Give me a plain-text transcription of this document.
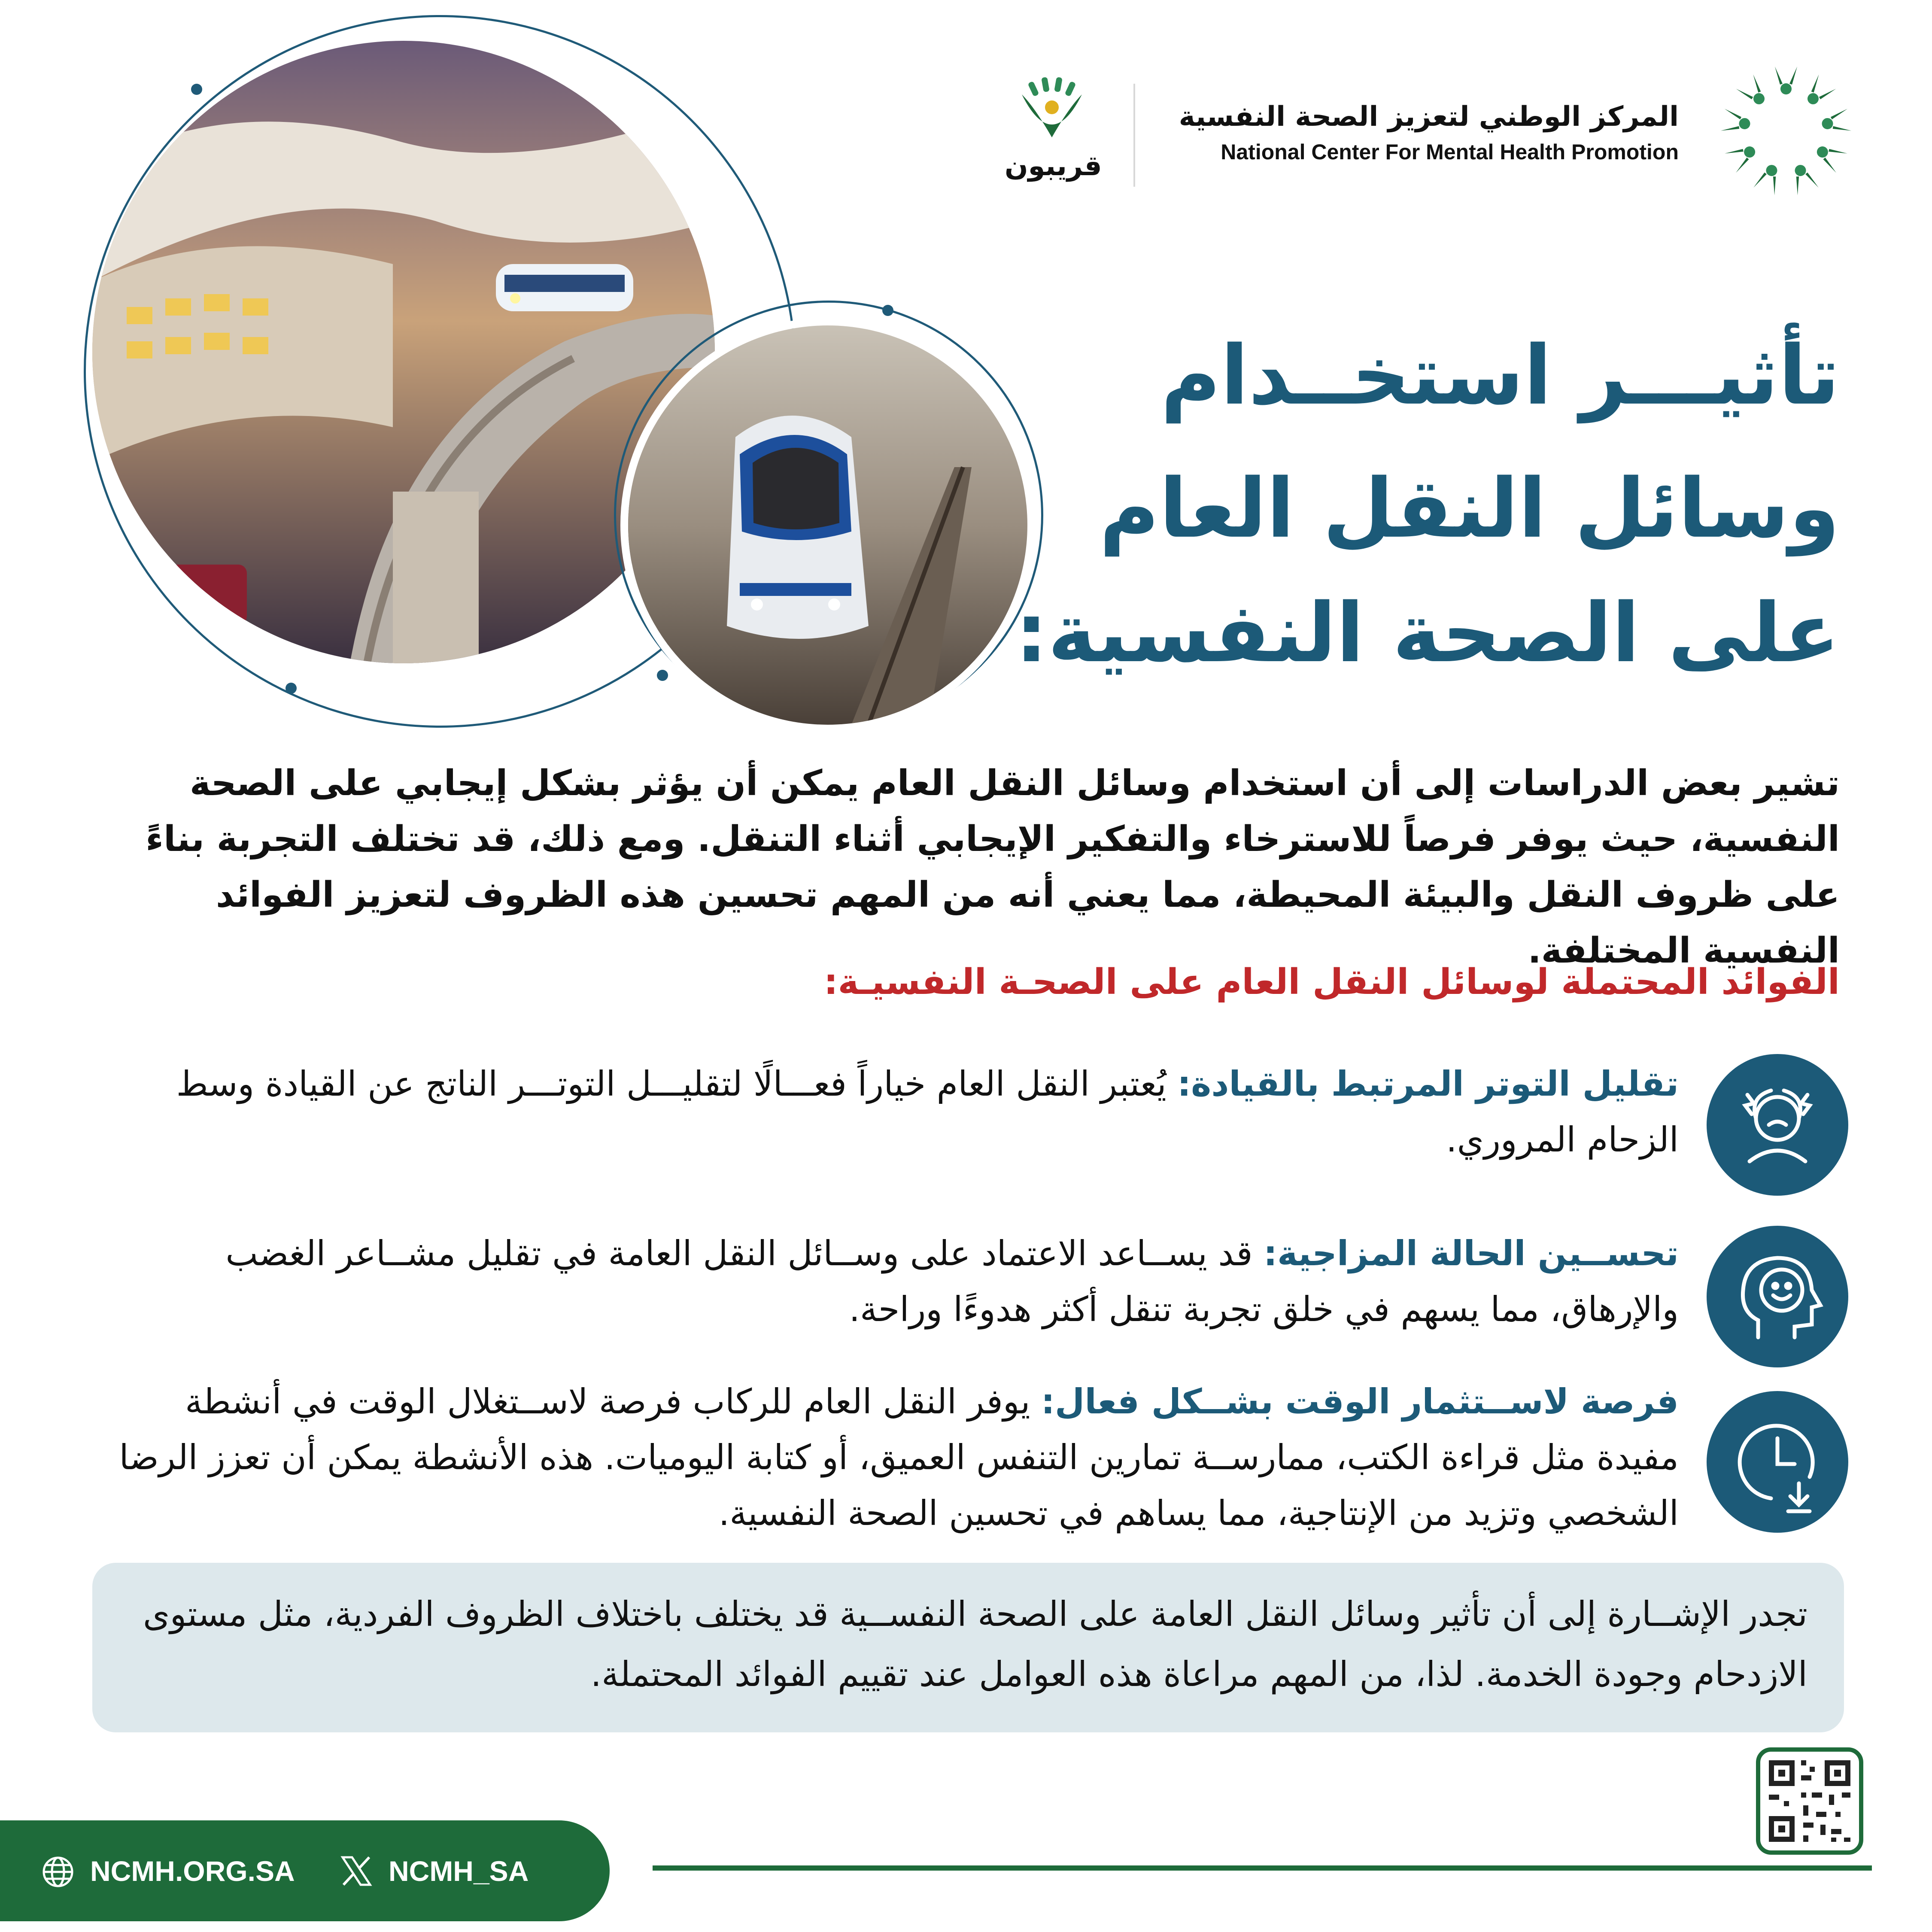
المركز الوطني لتعزيز الصحة النفسية
National Center For Mental Health Promotion
قريبون
تأثيـــر استخــدام
وسائل النقل العام
على الصحة النفسية:
تشير بعض الدراسات إلى أن استخدام وسائل النقل العام يمكن أن يؤثر بشكل إيجابي على الصحة النفسية، حيث يوفر فرصاً للاسترخاء والتفكير الإيجابي أثناء التنقل. ومع ذلك، قد تختلف التجربة بناءً على ظروف النقل والبيئة المحيطة، مما يعني أنه من المهم تحسين هذه الظروف لتعزيز الفوائد النفسية المختلفة.
الفوائد المحتملة لوسائل النقل العام على الصحـة النفسيـة:
تقليل التوتر المرتبط بالقيادة: يُعتبر النقل العام خياراً فعـــالًا لتقليـــل التوتـــر الناتج عن القيادة وسط الزحام المروري.
تحســين الحالة المزاجية: قد يســاعد الاعتماد على وســائل النقل العامة في تقليل مشــاعر الغضب والإرهاق، مما يسهم في خلق تجربة تنقل أكثر هدوءًا وراحة.
فرصة لاســتثمار الوقت بشــكل فعال: يوفر النقل العام للركاب فرصة لاســتغلال الوقت في أنشطة مفيدة مثل قراءة الكتب، ممارســة تمارين التنفس العميق، أو كتابة اليوميات. هذه الأنشطة يمكن أن تعزز الرضا الشخصي وتزيد من الإنتاجية، مما يساهم في تحسين الصحة النفسية.
تجدر الإشــارة إلى أن تأثير وسائل النقل العامة على الصحة النفســية قد يختلف باختلاف الظروف الفردية، مثل مستوى الازدحام وجودة الخدمة. لذا، من المهم مراعاة هذه العوامل عند تقييم الفوائد المحتملة.
NCMH.ORG.SA	NCMH_SA
